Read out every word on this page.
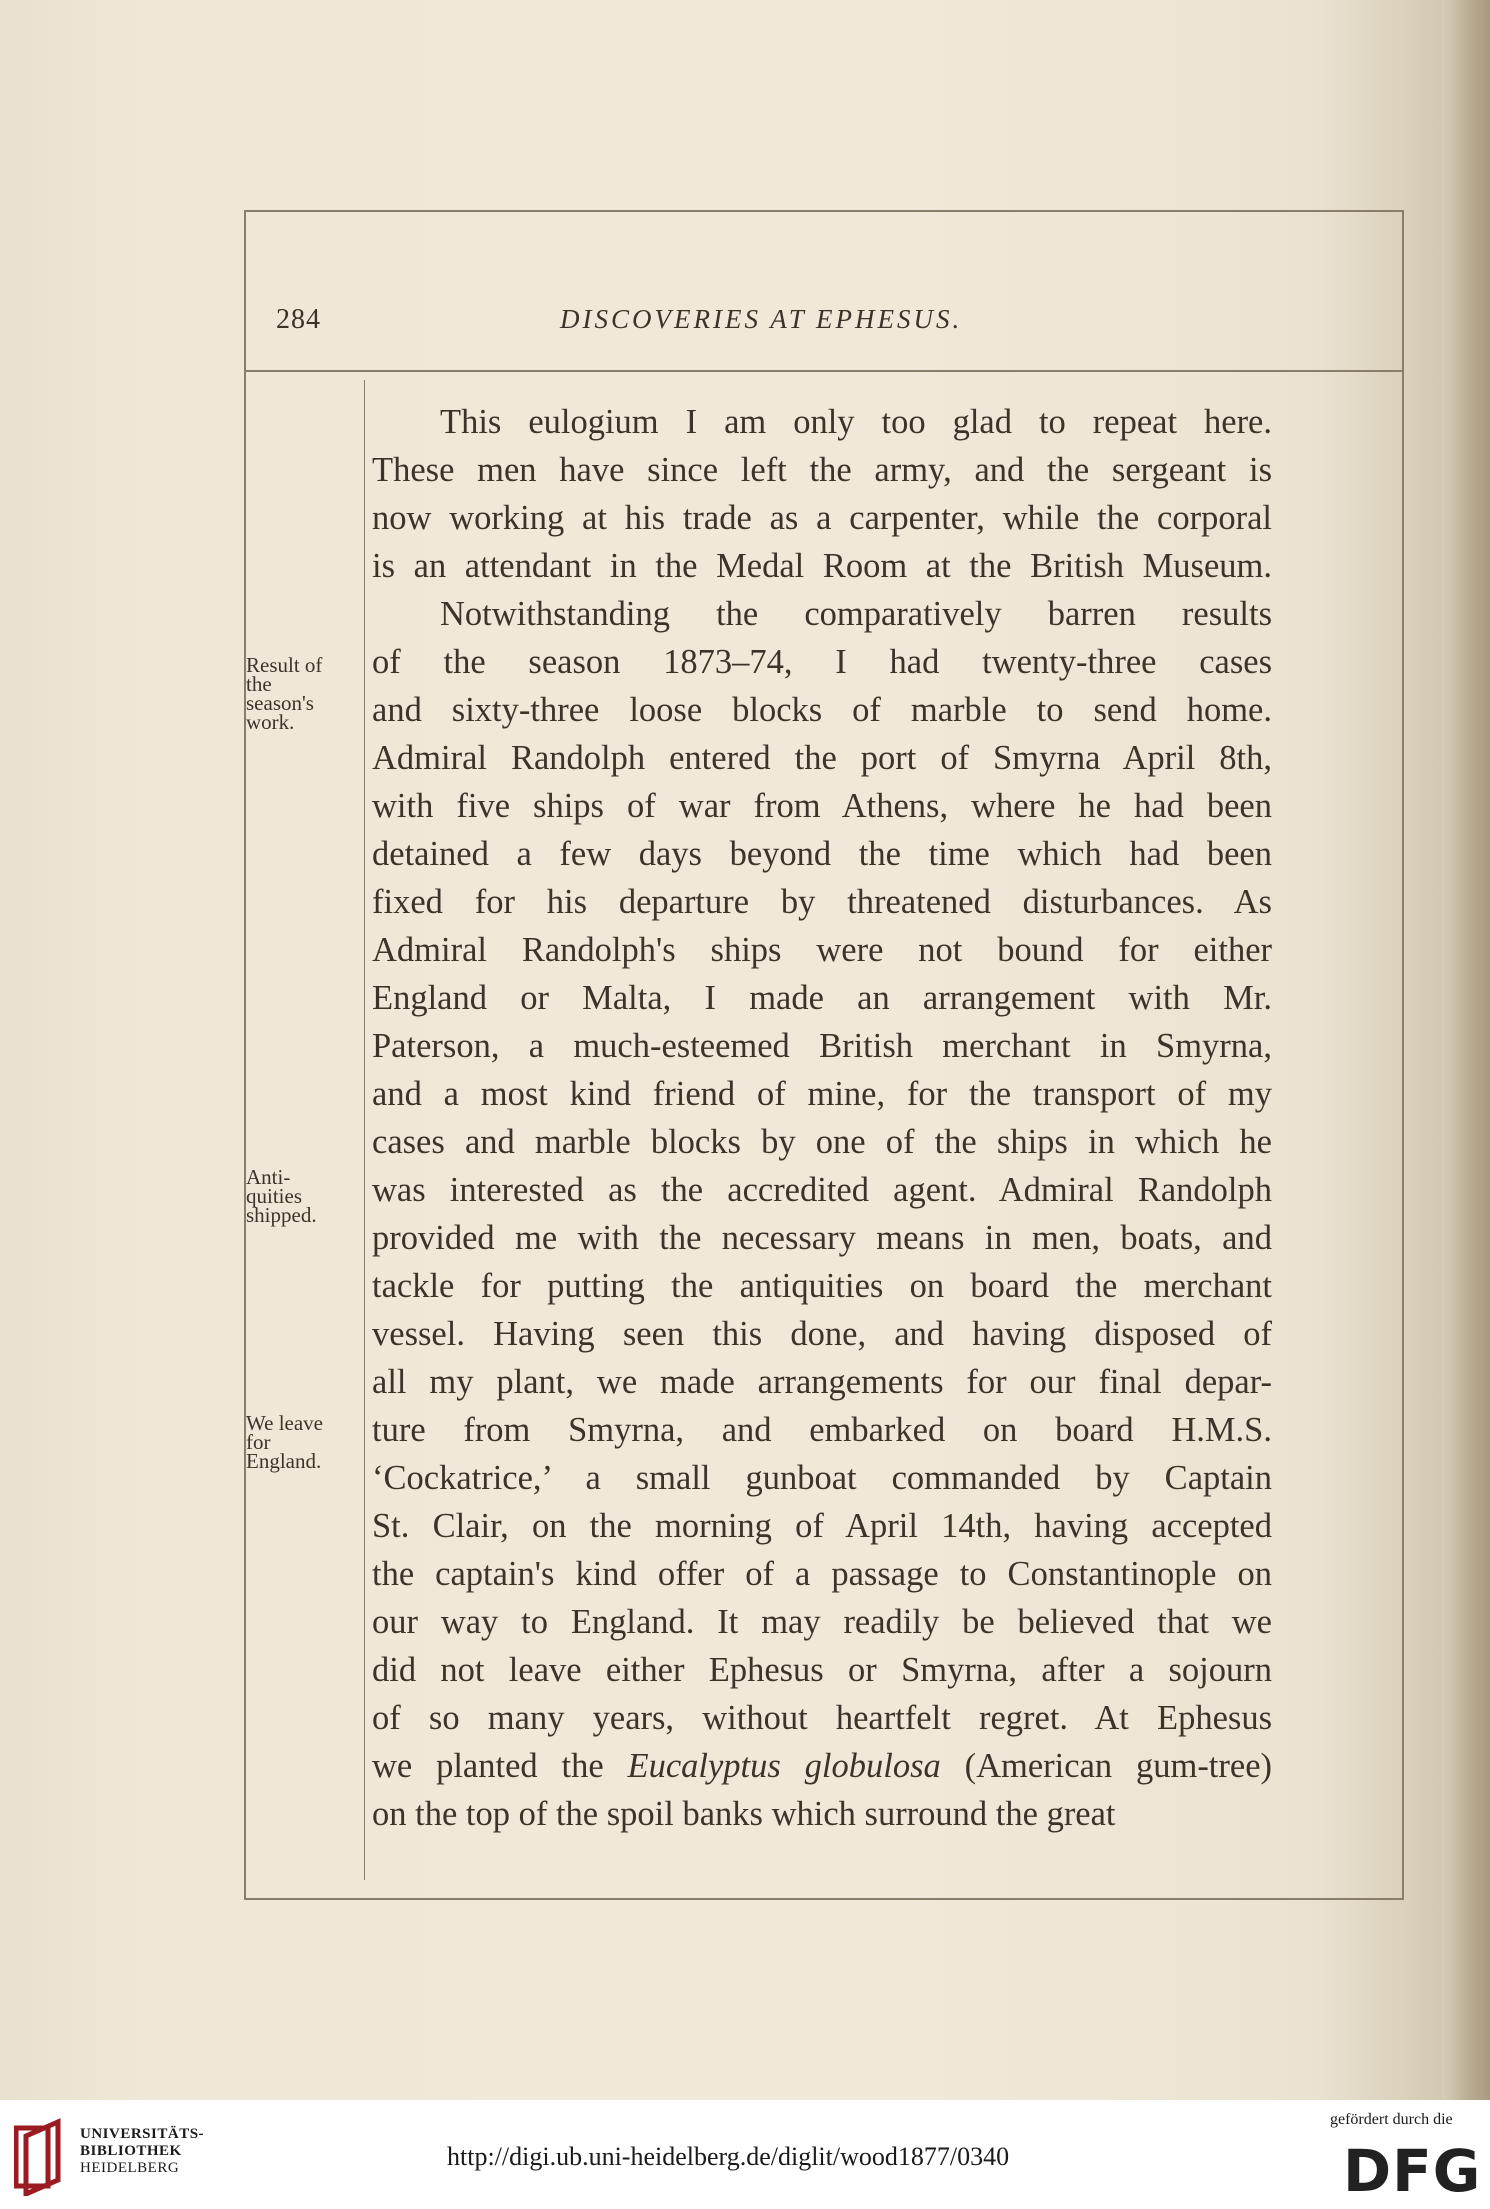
284	DISCOVERIES AT EPHESUS.
Result of the season's work.
Anti- quities shipped.
We leave for England.
This eulogium I am only too glad to repeat here.
These men have since left the army, and the sergeant is
now working at his trade as a carpenter, while the corporal
is an attendant in the Medal Room at the British Museum.
Notwithstanding the comparatively barren results
of the season 1873–74, I had twenty-three cases
and sixty-three loose blocks of marble to send home.
Admiral Randolph entered the port of Smyrna April 8th,
with five ships of war from Athens, where he had been
detained a few days beyond the time which had been
fixed for his departure by threatened disturbances. As
Admiral Randolph's ships were not bound for either
England or Malta, I made an arrangement with Mr.
Paterson, a much-esteemed British merchant in Smyrna,
and a most kind friend of mine, for the transport of my
cases and marble blocks by one of the ships in which he
was interested as the accredited agent. Admiral Randolph
provided me with the necessary means in men, boats, and
tackle for putting the antiquities on board the merchant
vessel. Having seen this done, and having disposed of
all my plant, we made arrangements for our final depar-
ture from Smyrna, and embarked on board H.M.S.
‘Cockatrice,’ a small gunboat commanded by Captain
St. Clair, on the morning of April 14th, having accepted
the captain's kind offer of a passage to Constantinople on
our way to England. It may readily be believed that we
did not leave either Ephesus or Smyrna, after a sojourn
of so many years, without heartfelt regret. At Ephesus
we planted the Eucalyptus globulosa (American gum-tree)
on the top of the spoil banks which surround the great
UNIVERSITÄTS-
BIBLIOTHEK
HEIDELBERG	http://digi.ub.uni-heidelberg.de/diglit/wood1877/0340
gefördert durch die
DFG
